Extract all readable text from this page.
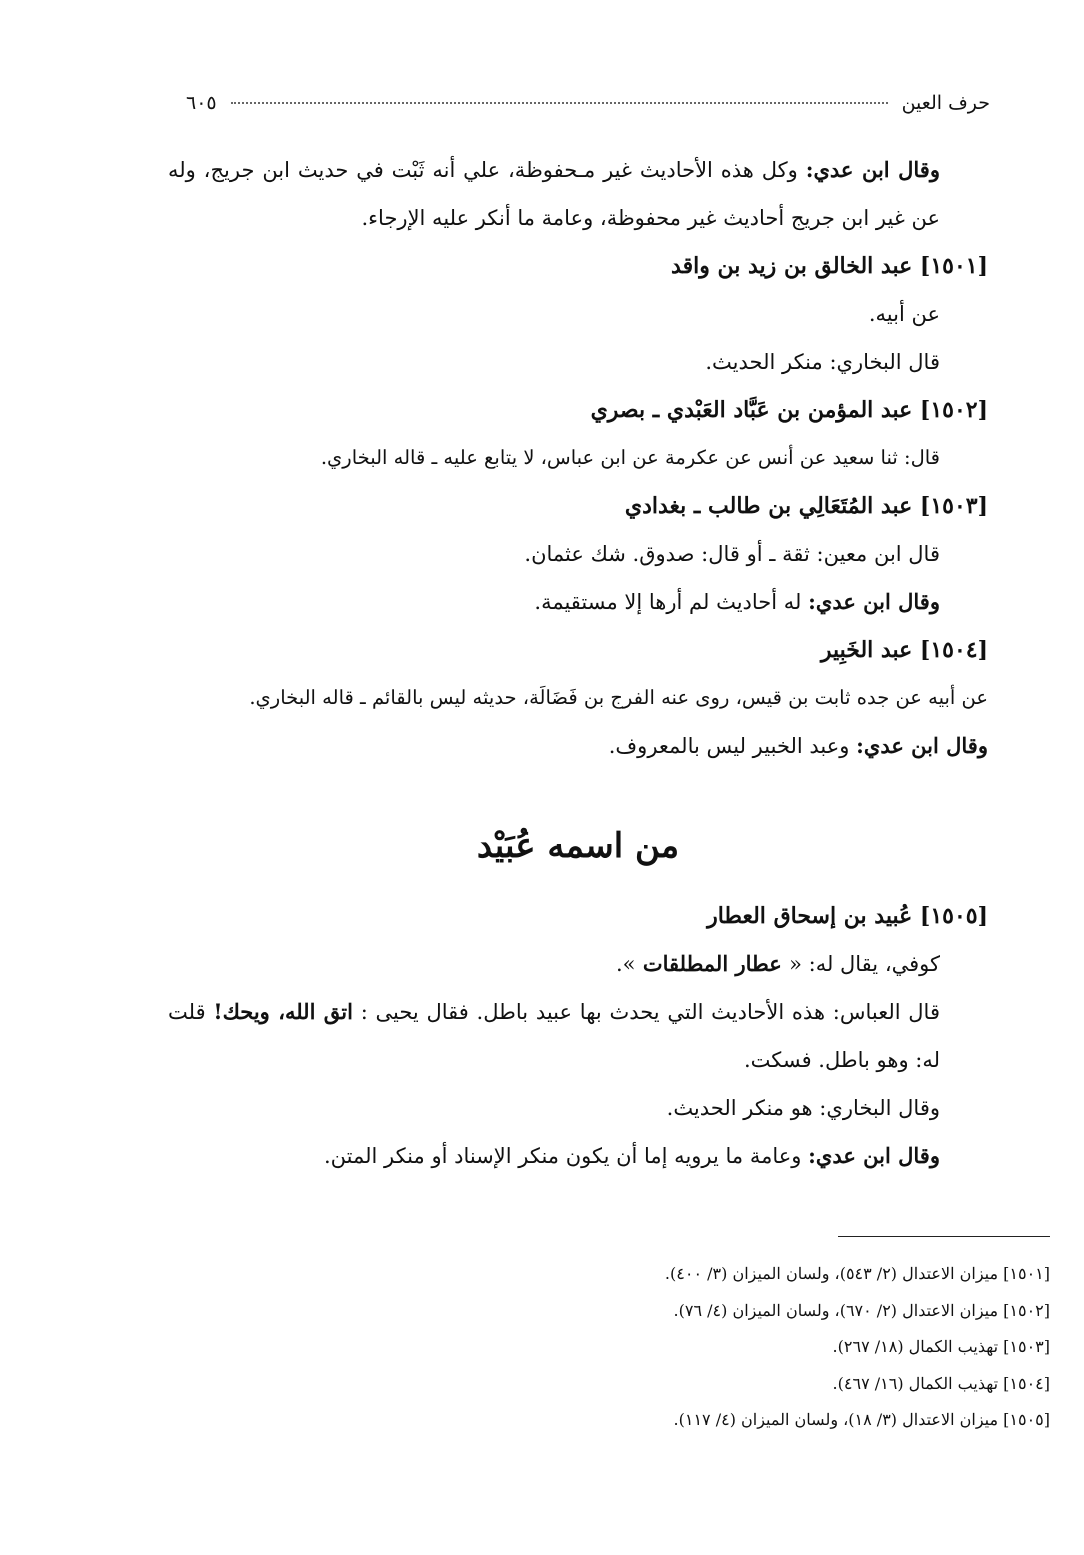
حرف العين
٦٠٥

وقال ابن عدي: وكل هذه الأحاديث غير مـحفوظة، علي أنه ثَبْت في حديث ابن جريج، وله عن غير ابن جريج أحاديث غير محفوظة، وعامة ما أنكر عليه الإرجاء.

[١٥٠١] عبد الخالق بن زيد بن واقد

عن أبيه.

قال البخاري: منكر الحديث.

[١٥٠٢] عبد المؤمن بن عَبَّاد العَبْدي ـ بصري

قال: ثنا سعيد عن أنس عن عكرمة عن ابن عباس، لا يتابع عليه ـ قاله البخاري.

[١٥٠٣] عبد المُتَعَالِي بن طالب ـ بغدادي

قال ابن معين: ثقة ـ أو قال: صدوق. شك عثمان.

وقال ابن عدي: له أحاديث لم أرها إلا مستقيمة.

[١٥٠٤] عبد الخَبِير

عن أبيه عن جده ثابت بن قيس، روى عنه الفرج بن فَضَالَة، حديثه ليس بالقائم ـ قاله البخاري.

وقال ابن عدي: وعبد الخبير ليس بالمعروف.

من اسمه عُبَيْد

[١٥٠٥] عُبيد بن إسحاق العطار

كوفي، يقال له: « عطار المطلقات ».

قال العباس: هذه الأحاديث التي يحدث بها عبيد باطل. فقال يحيى : اتق الله، ويحك! قلت له: وهو باطل. فسكت.

وقال البخاري: هو منكر الحديث.

وقال ابن عدي: وعامة ما يرويه إما أن يكون منكر الإسناد أو منكر المتن.

[١٥٠١] ميزان الاعتدال (٢/ ٥٤٣)، ولسان الميزان (٣/ ٤٠٠).

[١٥٠٢] ميزان الاعتدال (٢/ ٦٧٠)، ولسان الميزان (٤/ ٧٦).

[١٥٠٣] تهذيب الكمال (١٨/ ٢٦٧).

[١٥٠٤] تهذيب الكمال (١٦/ ٤٦٧).

[١٥٠٥] ميزان الاعتدال (٣/ ١٨)، ولسان الميزان (٤/ ١١٧).
